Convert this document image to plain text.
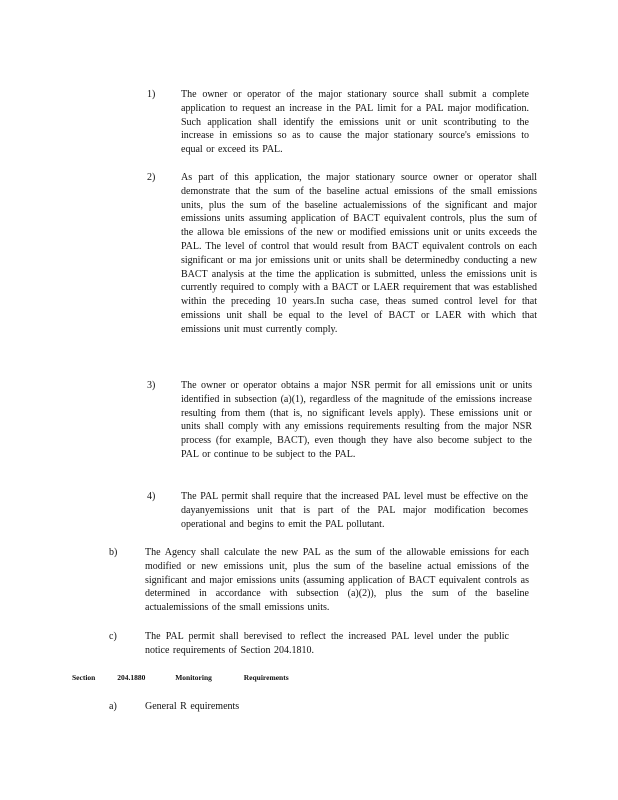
1)	The owner or operator of the major stationary source shall submit a complete application to request an increase in the PAL limit for a PAL major modification. Such application shall identify the emissions unit or unit scontributing to the increase in emissions so as to cause the major stationary source's emissions to equal or exceed its PAL.
2)	As part of this application, the major stationary source owner or operator shall demonstrate that the sum of the baseline actual emissions of the small emissions units, plus the sum of the baseline actualemissions of the significant and major emissions units assuming application of BACT equivalent controls, plus the sum of the allowa ble emissions of the new or modified emissions unit or units exceeds the PAL. The level of control that would result from BACT equivalent controls on each significant or ma jor emissions unit or units shall be determinedby conducting a new BACT analysis at the time the application is submitted, unless the emissions unit is currently required to comply with a BACT or LAER requirement that was established within the preceding 10 years.In sucha case, theas sumed control level for that emissions unit shall be equal to the level of BACT or LAER with which that emissions unit must currently comply.
3)	The owner or operator obtains a major NSR permit for all emissions unit or units identified in subsection (a)(1), regardless of the magnitude of the emissions increase resulting from them (that is, no significant levels apply). These emissions unit or units shall comply with any emissions requirements resulting from the major NSR process (for example, BACT), even though they have also become subject to the PAL or continue to be subject to the PAL.
4)	The PAL permit shall require that the increased PAL level must be effective on the dayanyemissions unit that is part of the PAL major modification becomes operational and begins to emit the PAL pollutant.
b)	The Agency shall calculate the new PAL as the sum of the allowable emissions for each modified or new emissions unit, plus the sum of the baseline actual emissions of the significant and major emissions units (assuming application of BACT equivalent controls as determined in accordance with subsection (a)(2)), plus the sum of the baseline actualemissions of the small emissions units.
c)	The PAL permit shall berevised to reflect the increased PAL level under the public notice requirements of Section 204.1810.
Section	204.1880	Monitoring	Requirements
a)	General R equirements
